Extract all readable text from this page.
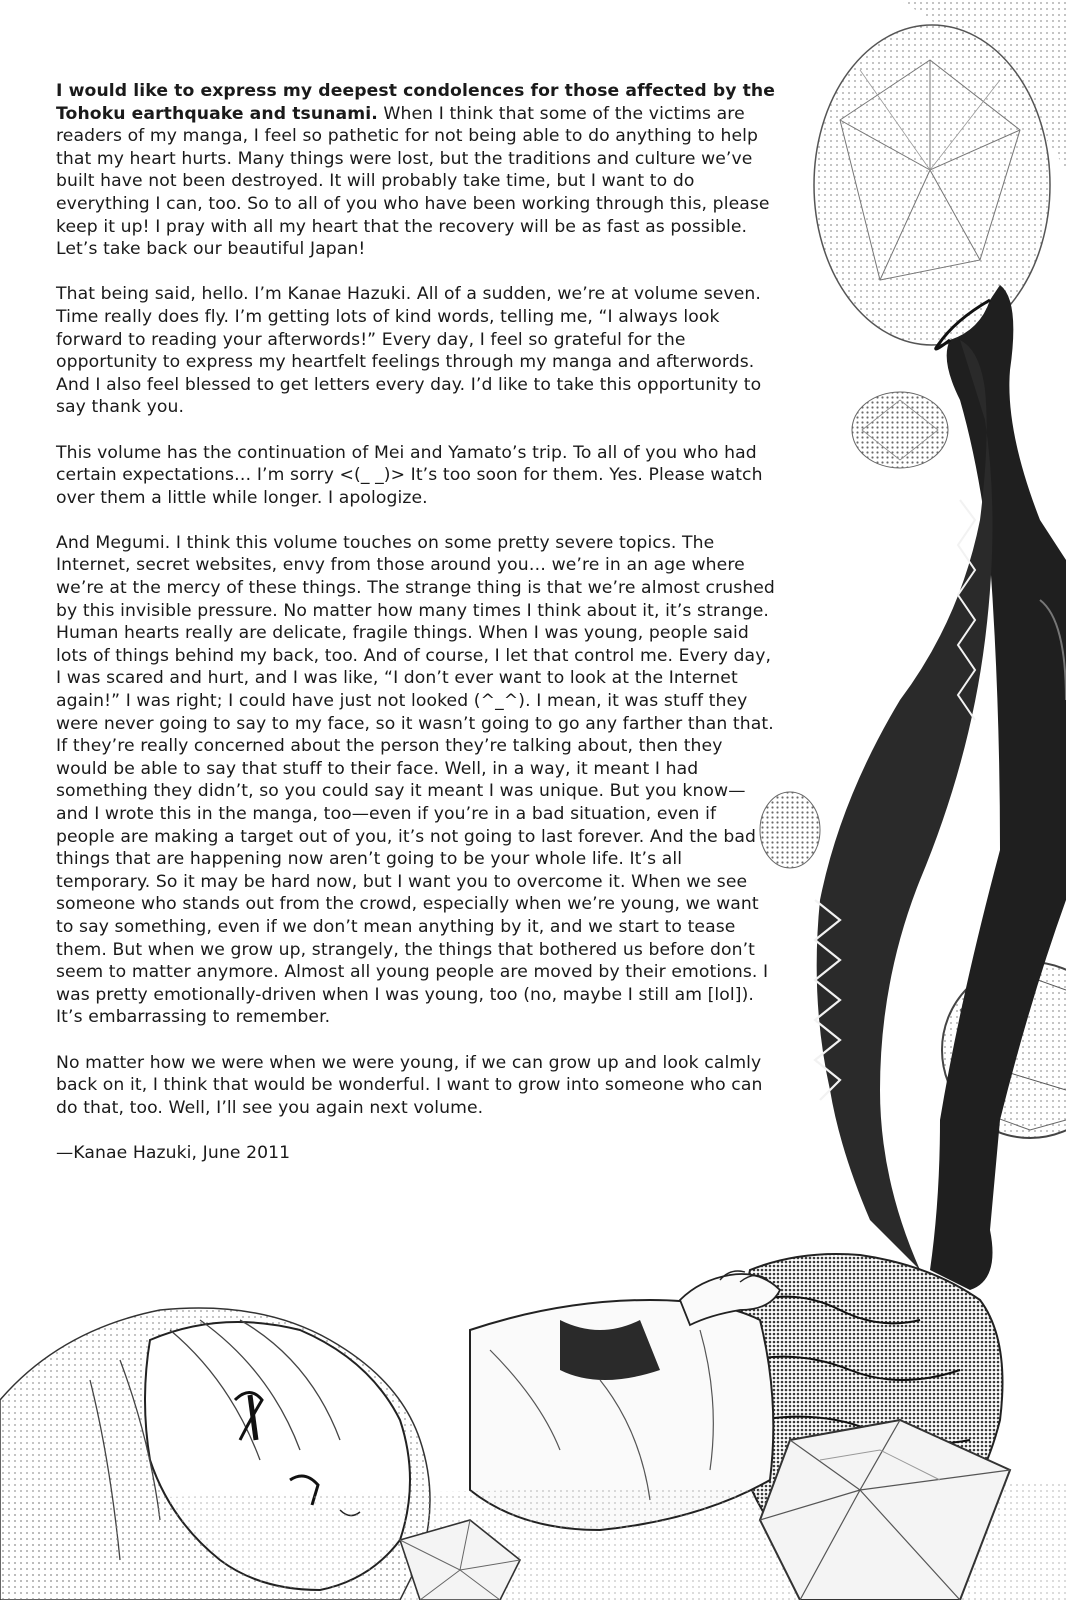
I would like to express my deepest condolences for those affected by the Tohoku earthquake and tsunami. When I think that some of the victims are readers of my manga, I feel so pathetic for not being able to do anything to help that my heart hurts. Many things were lost, but the traditions and culture we’ve built have not been destroyed. It will probably take time, but I want to do everything I can, too. So to all of you who have been working through this, please keep it up! I pray with all my heart that the recovery will be as fast as possible. Let’s take back our beautiful Japan!

That being said, hello. I’m Kanae Hazuki. All of a sudden, we’re at volume seven. Time really does fly. I’m getting lots of kind words, telling me, “I always look forward to reading your afterwords!” Every day, I feel so grateful for the opportunity to express my heartfelt feelings through my manga and afterwords. And I also feel blessed to get letters every day. I’d like to take this opportunity to say thank you.

This volume has the continuation of Mei and Yamato’s trip. To all of you who had certain expectations… I’m sorry <(_ _)> It’s too soon for them. Yes. Please watch over them a little while longer. I apologize.

And Megumi. I think this volume touches on some pretty severe topics. The Internet, secret websites, envy from those around you… we’re in an age where we’re at the mercy of these things. The strange thing is that we’re almost crushed by this invisible pressure. No matter how many times I think about it, it’s strange. Human hearts really are delicate, fragile things. When I was young, people said lots of things behind my back, too. And of course, I let that control me. Every day, I was scared and hurt, and I was like, “I don’t ever want to look at the Internet again!” I was right; I could have just not looked (^_^). I mean, it was stuff they were never going to say to my face, so it wasn’t going to go any farther than that. If they’re really concerned about the person they’re talking about, then they would be able to say that stuff to their face. Well, in a way, it meant I had something they didn’t, so you could say it meant I was unique. But you know—and I wrote this in the manga, too—even if you’re in a bad situation, even if people are making a target out of you, it’s not going to last forever. And the bad things that are happening now aren’t going to be your whole life. It’s all temporary. So it may be hard now, but I want you to overcome it. When we see someone who stands out from the crowd, especially when we’re young, we want to say something, even if we don’t mean anything by it, and we start to tease them. But when we grow up, strangely, the things that bothered us before don’t seem to matter anymore. Almost all young people are moved by their emotions. I was pretty emotionally-driven when I was young, too (no, maybe I still am [lol]). It’s embarrassing to remember.

No matter how we were when we were young, if we can grow up and look calmly back on it, I think that would be wonderful. I want to grow into someone who can do that, too. Well, I’ll see you again next volume.

—Kanae Hazuki, June 2011
